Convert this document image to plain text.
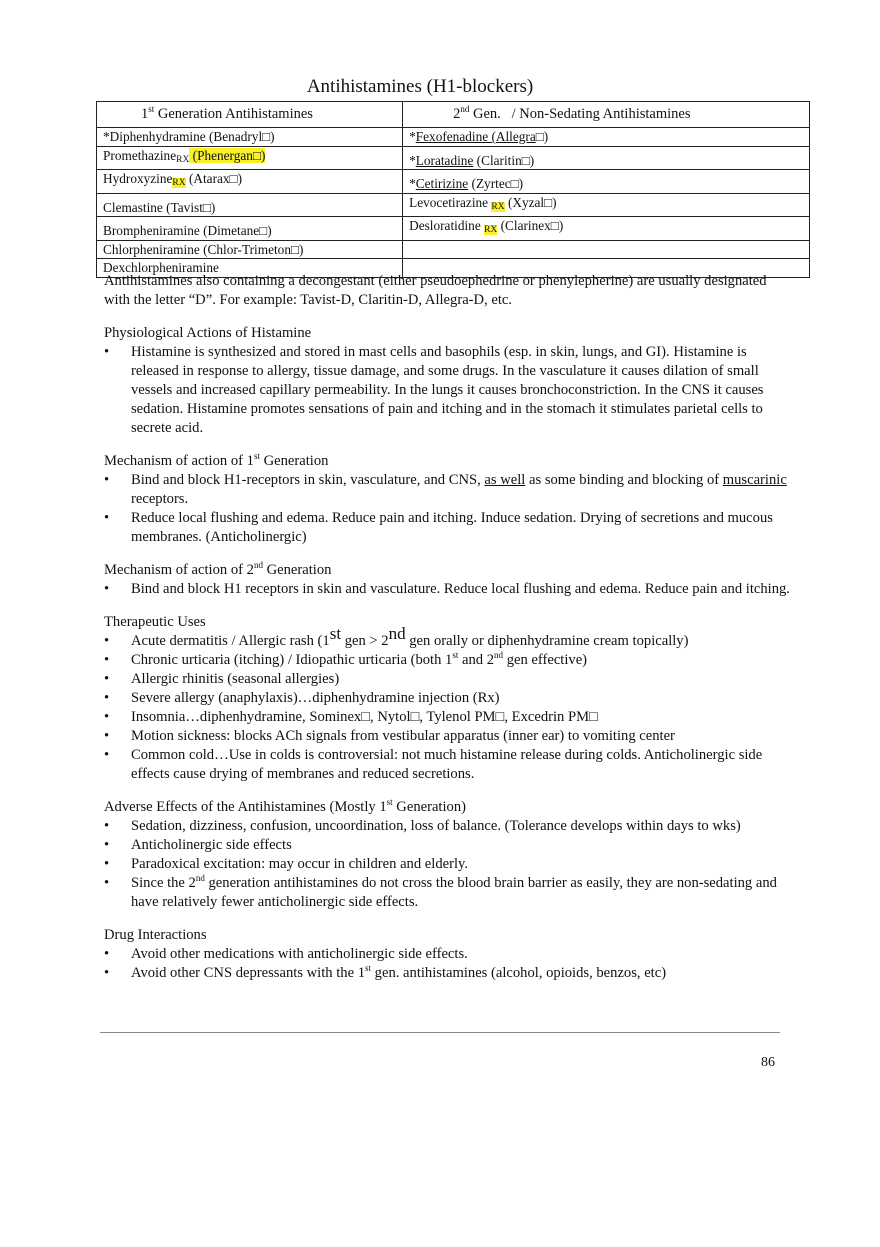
Antihistamines (H1-blockers)
1st Generation Antihistamines	2nd Gen. / Non-Sedating Antihistamines
*Diphenhydramine (Benadryl□)	*Fexofenadine (Allegra□)
PromethazineRX (Phenergan□)	*Loratadine (Claritin□)
HydroxyzineRX (Atarax□)	*Cetirizine (Zyrtec□)
Clemastine (Tavist□)	Levocetirazine RX (Xyzal□)
Brompheniramine (Dimetane□)	Desloratidine RX (Clarinex□)
Chlorpheniramine (Chlor-Trimeton□)	
Dexchlorpheniramine	

Antihistamines also containing a decongestant (either pseudoephedrine or phenylepherine) are usually designated with the letter “D”. For example: Tavist-D, Claritin-D, Allegra-D, etc.

Physiological Actions of Histamine

• Histamine is synthesized and stored in mast cells and basophils (esp. in skin, lungs, and GI). Histamine is released in response to allergy, tissue damage, and some drugs. In the vasculature it causes dilation of small vessels and increased capillary permeability. In the lungs it causes bronchoconstriction. In the CNS it causes sedation. Histamine promotes sensations of pain and itching and in the stomach it stimulates parietal cells to secrete acid.

Mechanism of action of 1st Generation

• Bind and block H1-receptors in skin, vasculature, and CNS, as well as some binding and blocking of muscarinic receptors.

• Reduce local flushing and edema. Reduce pain and itching. Induce sedation. Drying of secretions and mucous membranes. (Anticholinergic)

Mechanism of action of 2nd Generation

• Bind and block H1 receptors in skin and vasculature. Reduce local flushing and edema. Reduce pain and itching.

Therapeutic Uses

• Acute dermatitis / Allergic rash (1st gen > 2nd gen orally or diphenhydramine cream topically)

• Chronic urticaria (itching) / Idiopathic urticaria (both 1st and 2nd gen effective)

• Allergic rhinitis (seasonal allergies)

• Severe allergy (anaphylaxis)…diphenhydramine injection (Rx)

• Insomnia…diphenhydramine, Sominex□, Nytol□, Tylenol PM□, Excedrin PM□

• Motion sickness: blocks ACh signals from vestibular apparatus (inner ear) to vomiting center

• Common cold…Use in colds is controversial: not much histamine release during colds. Anticholinergic side effects cause drying of membranes and reduced secretions.

Adverse Effects of the Antihistamines (Mostly 1st Generation)

• Sedation, dizziness, confusion, uncoordination, loss of balance. (Tolerance develops within days to wks)

• Anticholinergic side effects

• Paradoxical excitation: may occur in children and elderly.

• Since the 2nd generation antihistamines do not cross the blood brain barrier as easily, they are non-sedating and have relatively fewer anticholinergic side effects.

Drug Interactions

• Avoid other medications with anticholinergic side effects.

• Avoid other CNS depressants with the 1st gen. antihistamines (alcohol, opioids, benzos, etc)

86
